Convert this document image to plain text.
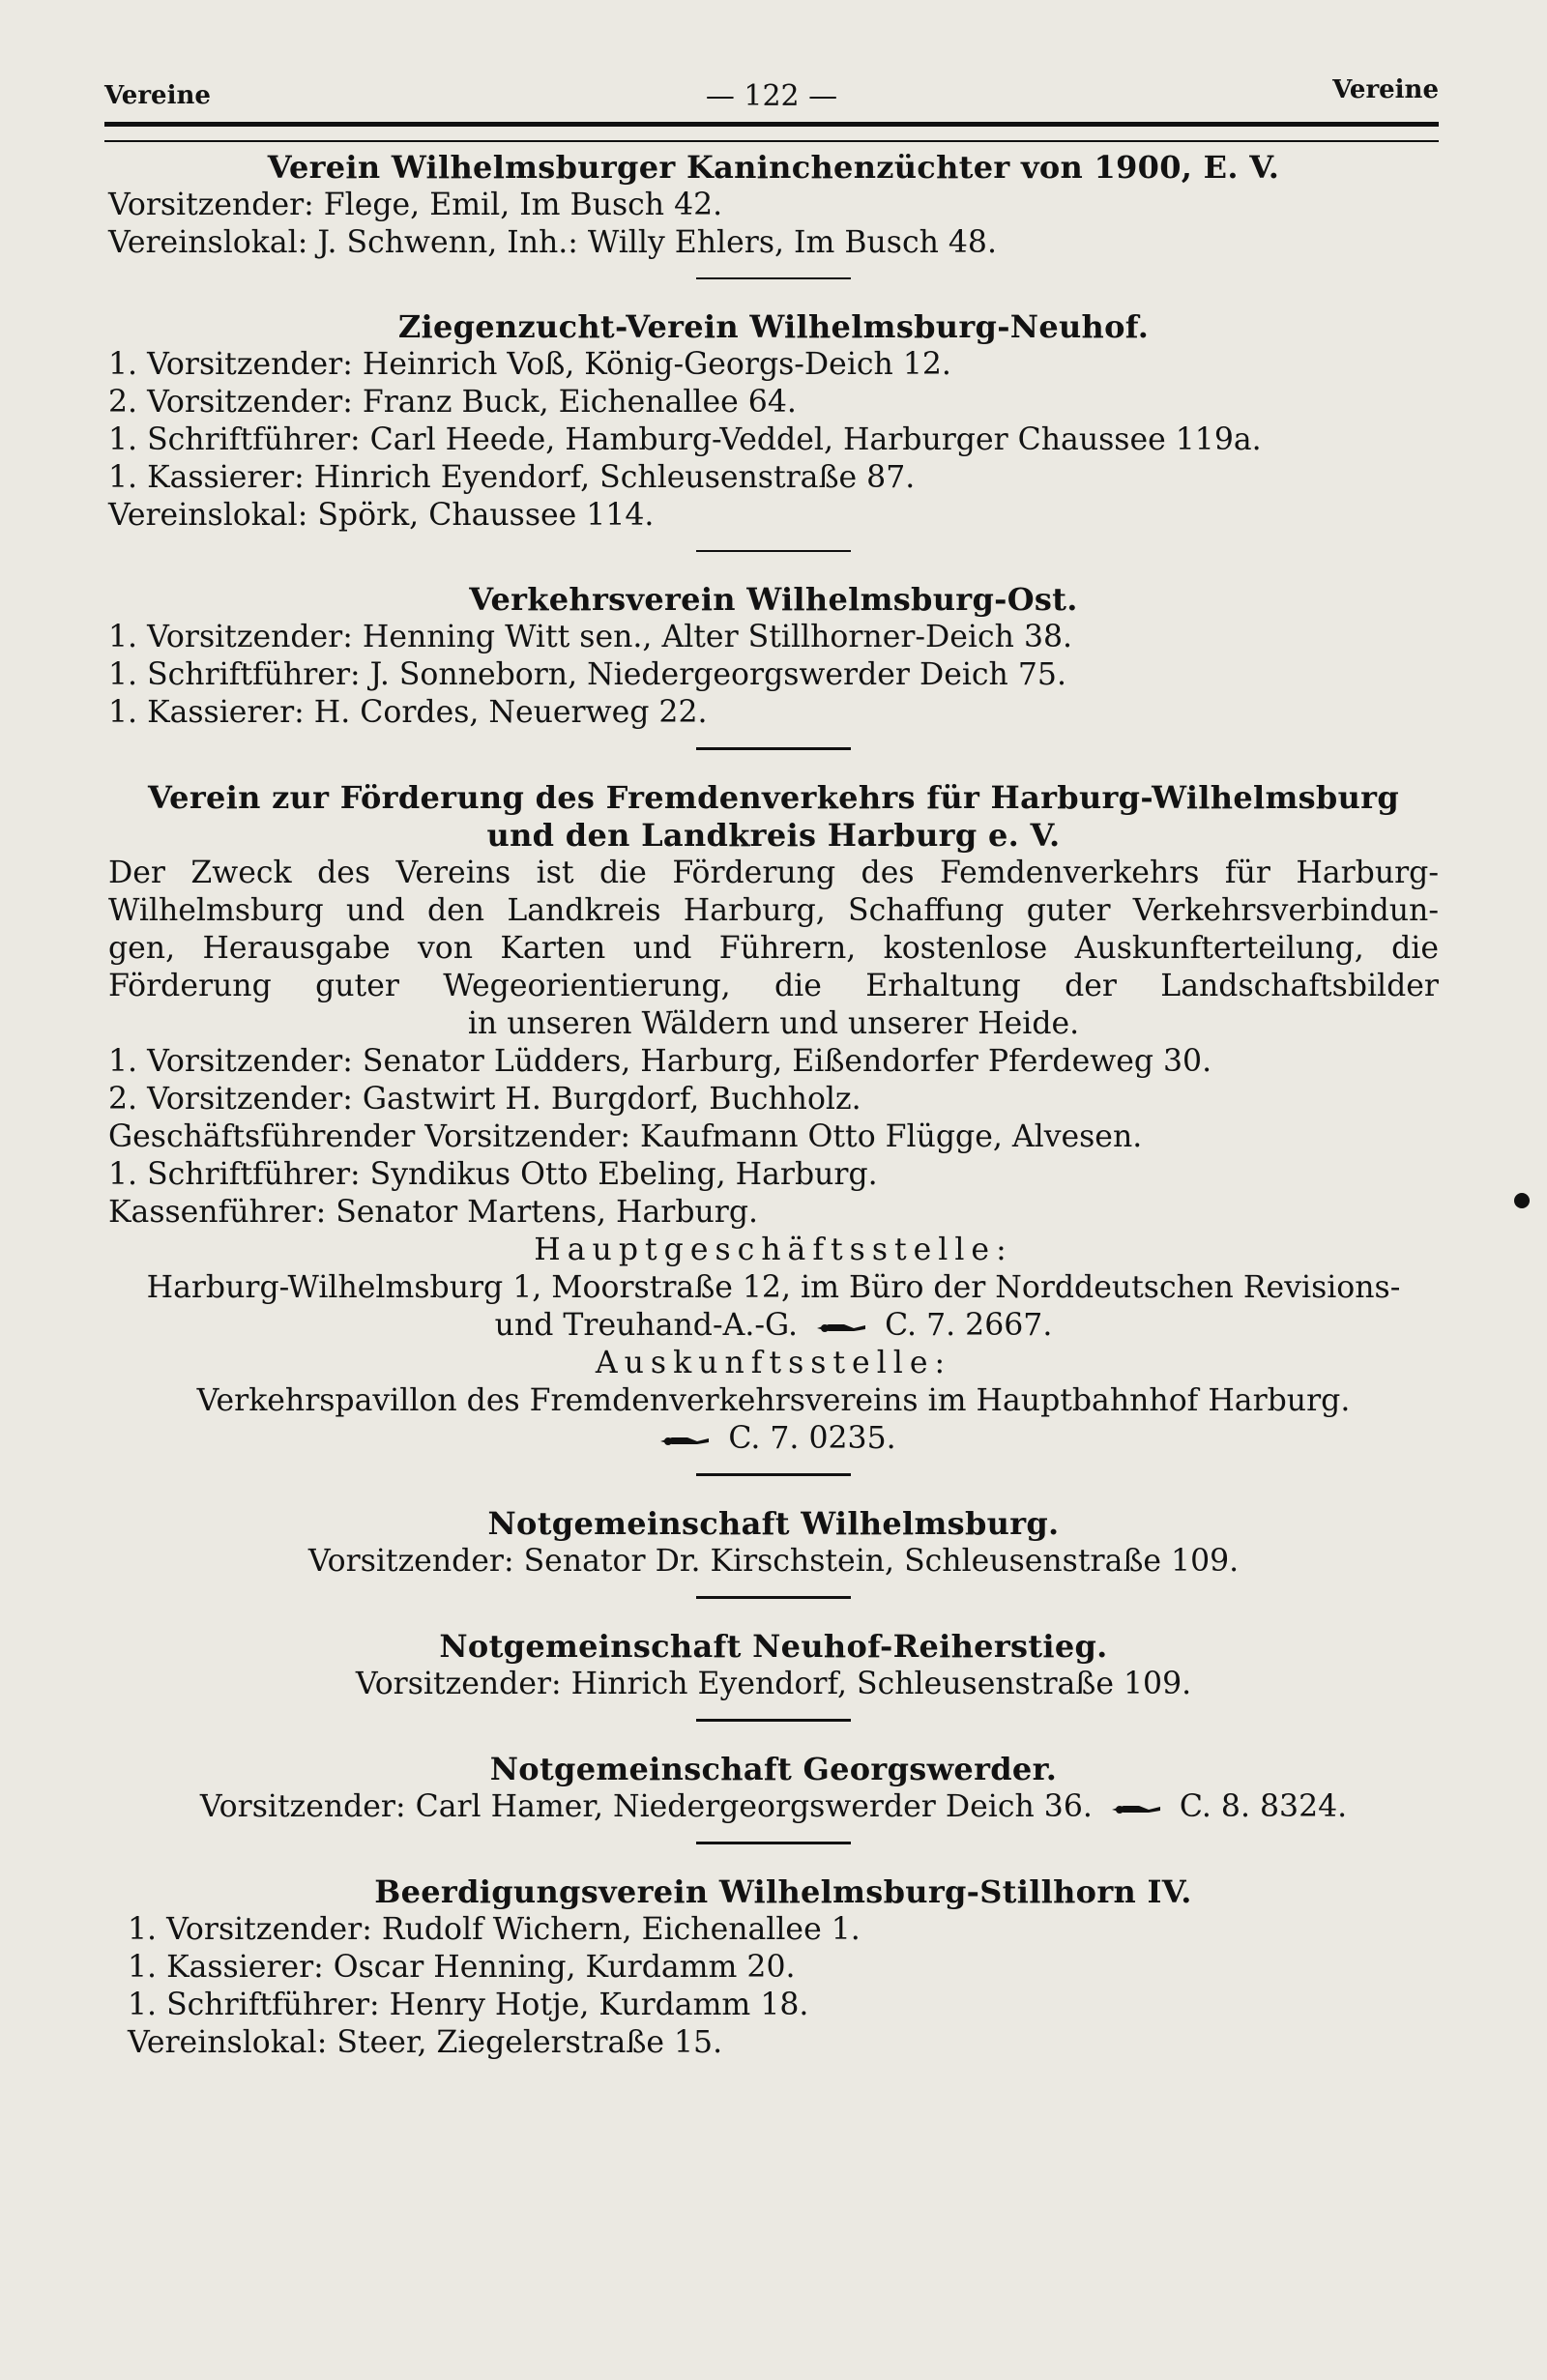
Vereine	— 122 —	Vereine
Verein Wilhelmsburger Kaninchenzüchter von 1900, E. V.
Vorsitzender: Flege, Emil, Im Busch 42.
Vereinslokal: J. Schwenn, Inh.: Willy Ehlers, Im Busch 48.
Ziegenzucht-Verein Wilhelmsburg-Neuhof.
1. Vorsitzender: Heinrich Voß, König-Georgs-Deich 12.
2. Vorsitzender: Franz Buck, Eichenallee 64.
1. Schriftführer: Carl Heede, Hamburg-Veddel, Harburger Chaussee 119a.
1. Kassierer: Hinrich Eyendorf, Schleusenstraße 87.
Vereinslokal: Spörk, Chaussee 114.
Verkehrsverein Wilhelmsburg-Ost.
1. Vorsitzender: Henning Witt sen., Alter Stillhorner-Deich 38.
1. Schriftführer: J. Sonneborn, Niedergeorgswerder Deich 75.
1. Kassierer: H. Cordes, Neuerweg 22.
Verein zur Förderung des Fremdenverkehrs für Harburg-Wilhelmsburg
und den Landkreis Harburg e. V.
Der Zweck des Vereins ist die Förderung des Femdenverkehrs für Harburg-
Wilhelmsburg und den Landkreis Harburg, Schaffung guter Verkehrsverbindun-
gen, Herausgabe von Karten und Führern, kostenlose Auskunfterteilung, die
Förderung guter Wegeorientierung, die Erhaltung der Landschaftsbilder
in unseren Wäldern und unserer Heide.
1. Vorsitzender: Senator Lüdders, Harburg, Eißendorfer Pferdeweg 30.
2. Vorsitzender: Gastwirt H. Burgdorf, Buchholz.
Geschäftsführender Vorsitzender: Kaufmann Otto Flügge, Alvesen.
1. Schriftführer: Syndikus Otto Ebeling, Harburg.
Kassenführer: Senator Martens, Harburg.
Hauptgeschäftsstelle:
Harburg-Wilhelmsburg 1, Moorstraße 12, im Büro der Norddeutschen Revisions-
und Treuhand-A.-G.	C. 7. 2667.
Auskunftsstelle:
Verkehrspavillon des Fremdenverkehrsvereins im Hauptbahnhof Harburg.
C. 7. 0235.
Notgemeinschaft Wilhelmsburg.
Vorsitzender: Senator Dr. Kirschstein, Schleusenstraße 109.
Notgemeinschaft Neuhof-Reiherstieg.
Vorsitzender: Hinrich Eyendorf, Schleusenstraße 109.
Notgemeinschaft Georgswerder.
Vorsitzender: Carl Hamer, Niedergeorgswerder Deich 36.	C. 8. 8324.
Beerdigungsverein Wilhelmsburg-Stillhorn IV.
1. Vorsitzender: Rudolf Wichern, Eichenallee 1.
1. Kassierer: Oscar Henning, Kurdamm 20.
1. Schriftführer: Henry Hotje, Kurdamm 18.
Vereinslokal: Steer, Ziegelerstraße 15.
